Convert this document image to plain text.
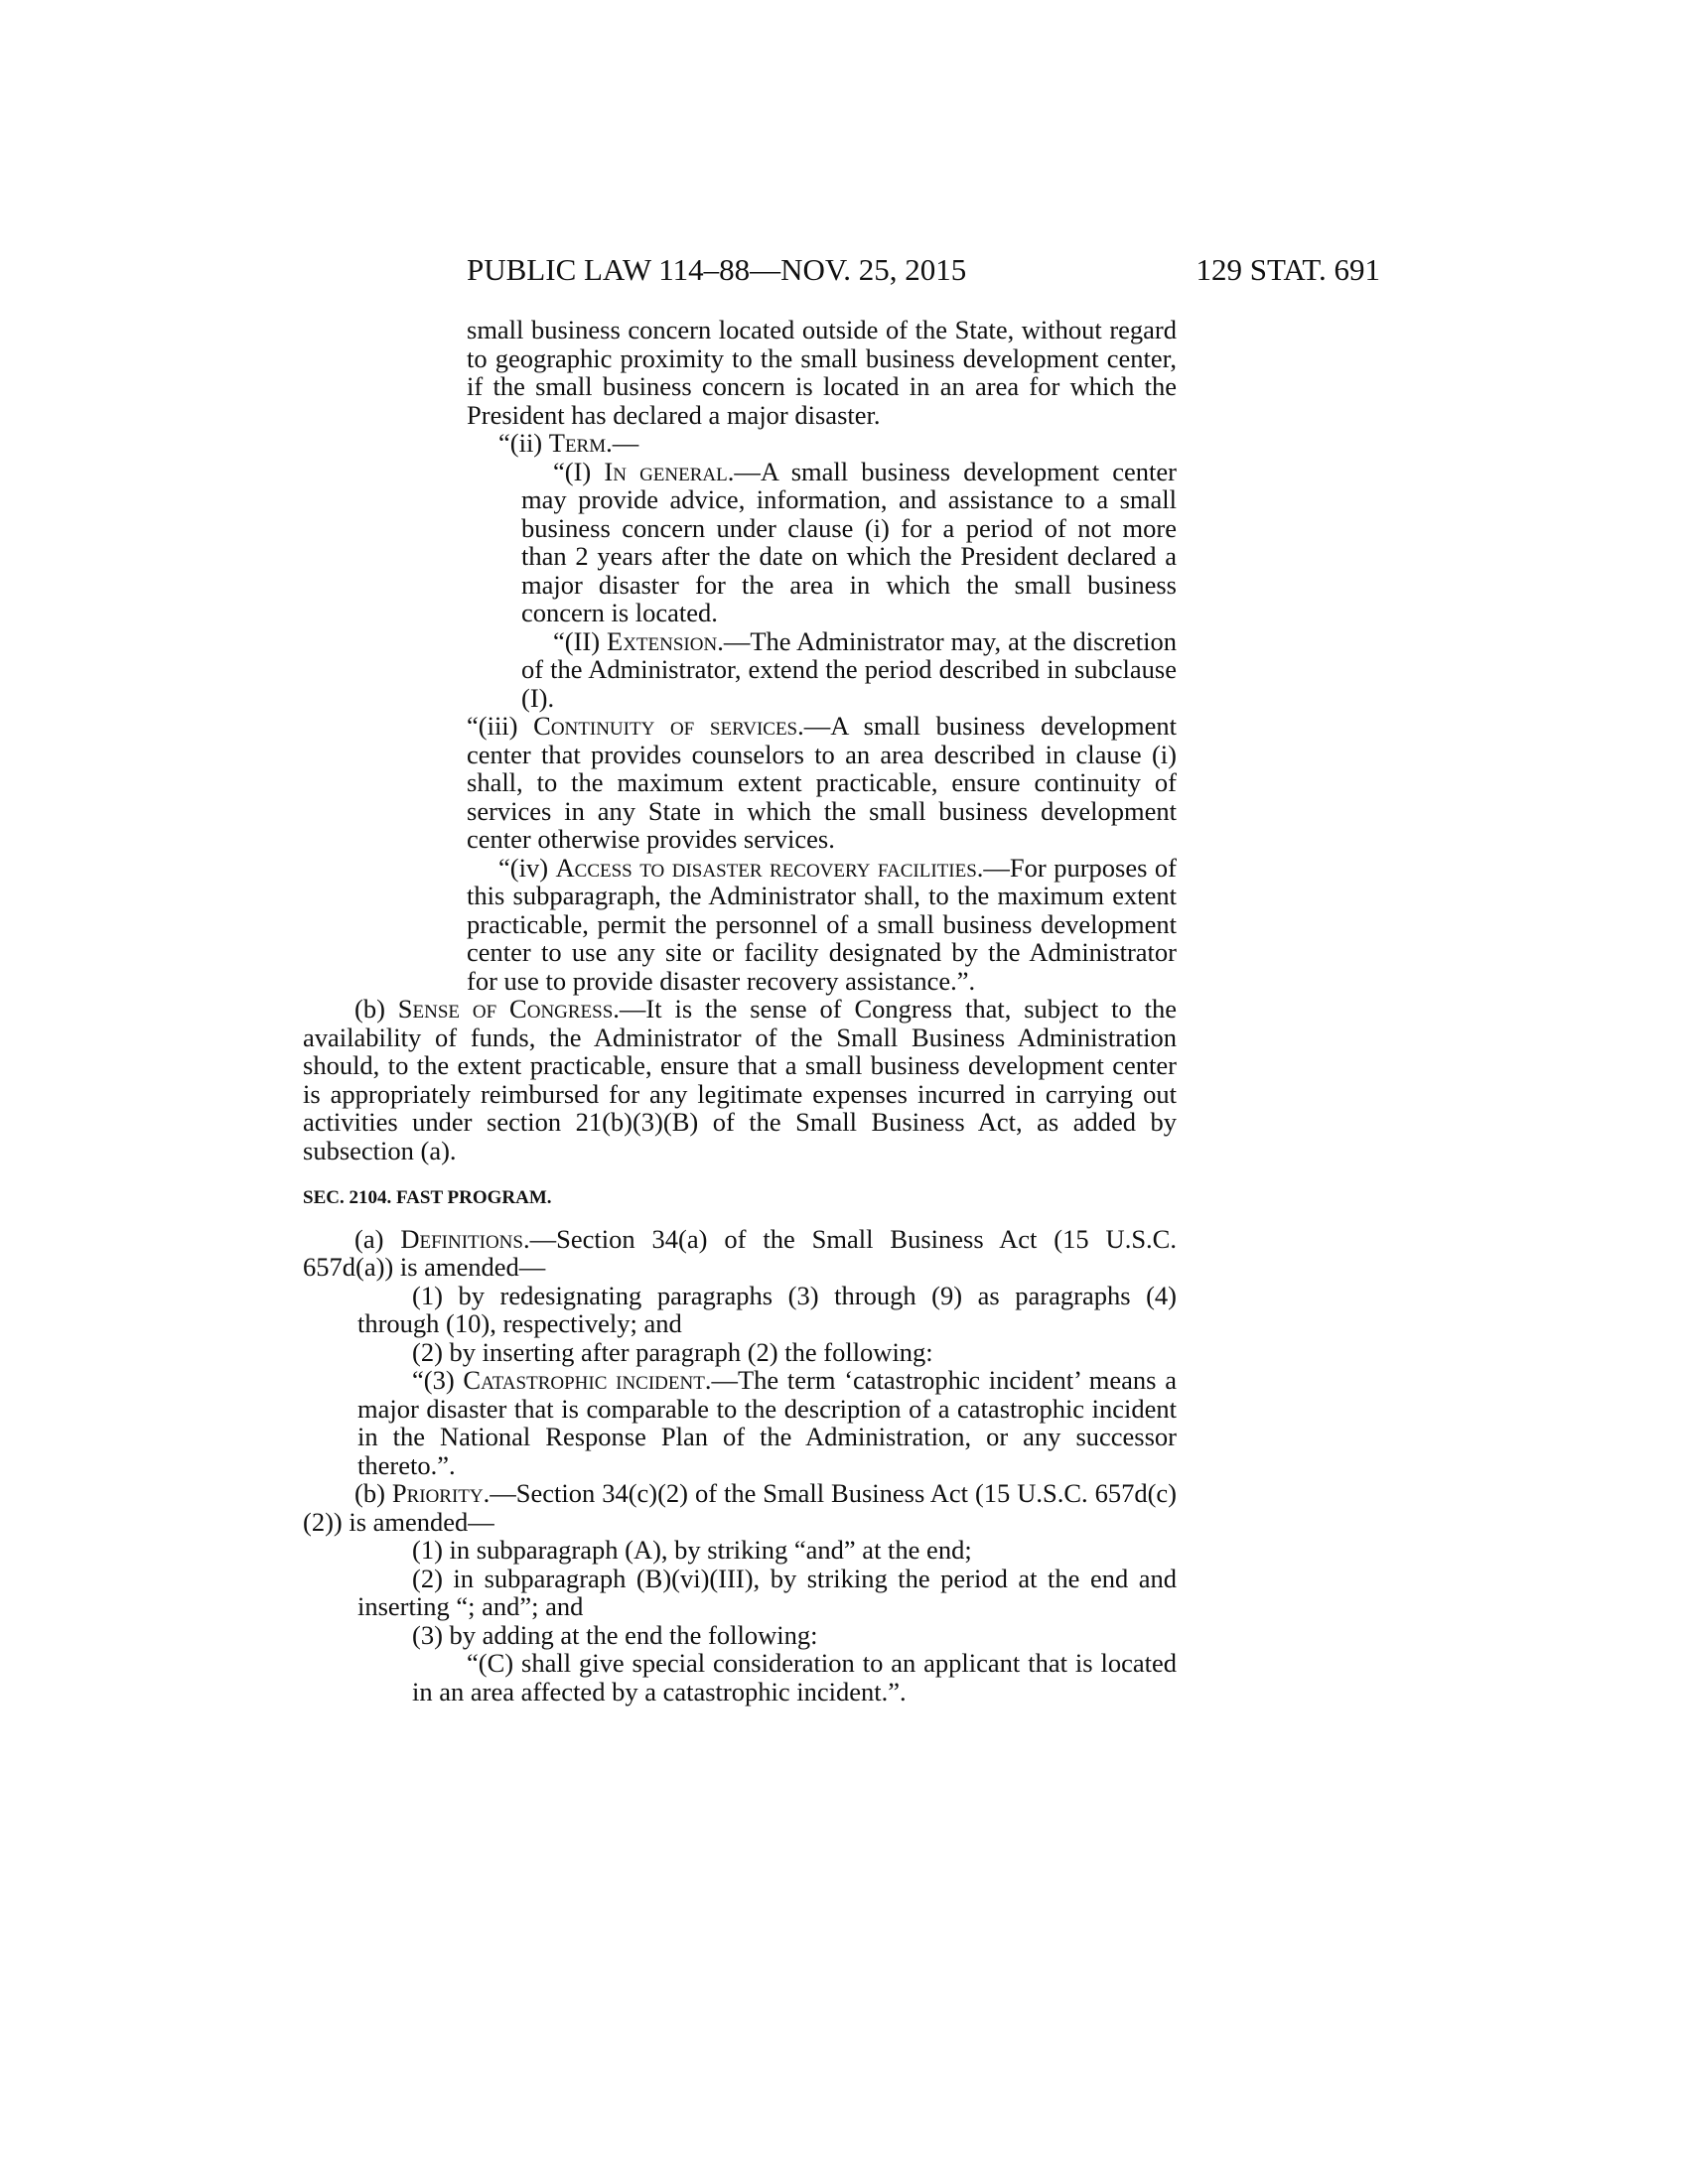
PUBLIC LAW 114–88—NOV. 25, 2015	129 STAT. 691

small business concern located outside of the State, without regard to geographic proximity to the small business development center, if the small business concern is located in an area for which the President has declared a major disaster.

“(ii) Term.—

“(I) In general.—A small business development center may provide advice, information, and assistance to a small business concern under clause (i) for a period of not more than 2 years after the date on which the President declared a major disaster for the area in which the small business concern is located.

“(II) Extension.—The Administrator may, at the discretion of the Administrator, extend the period described in subclause (I).

“(iii) Continuity of services.—A small business development center that provides counselors to an area described in clause (i) shall, to the maximum extent practicable, ensure continuity of services in any State in which the small business development center otherwise provides services.

“(iv) Access to disaster recovery facilities.—For purposes of this subparagraph, the Administrator shall, to the maximum extent practicable, permit the personnel of a small business development center to use any site or facility designated by the Administrator for use to provide disaster recovery assistance.”.

(b) Sense of Congress.—It is the sense of Congress that, subject to the availability of funds, the Administrator of the Small Business Administration should, to the extent practicable, ensure that a small business development center is appropriately reimbursed for any legitimate expenses incurred in carrying out activities under section 21(b)(3)(B) of the Small Business Act, as added by subsection (a).

SEC. 2104. FAST PROGRAM.

(a) Definitions.—Section 34(a) of the Small Business Act (15 U.S.C. 657d(a)) is amended—

(1) by redesignating paragraphs (3) through (9) as paragraphs (4) through (10), respectively; and

(2) by inserting after paragraph (2) the following:

“(3) Catastrophic incident.—The term ‘catastrophic incident’ means a major disaster that is comparable to the description of a catastrophic incident in the National Response Plan of the Administration, or any successor thereto.”.

(b) Priority.—Section 34(c)(2) of the Small Business Act (15 U.S.C. 657d(c)(2)) is amended—

(1) in subparagraph (A), by striking “and” at the end;

(2) in subparagraph (B)(vi)(III), by striking the period at the end and inserting “; and”; and

(3) by adding at the end the following:

“(C) shall give special consideration to an applicant that is located in an area affected by a catastrophic incident.”.
